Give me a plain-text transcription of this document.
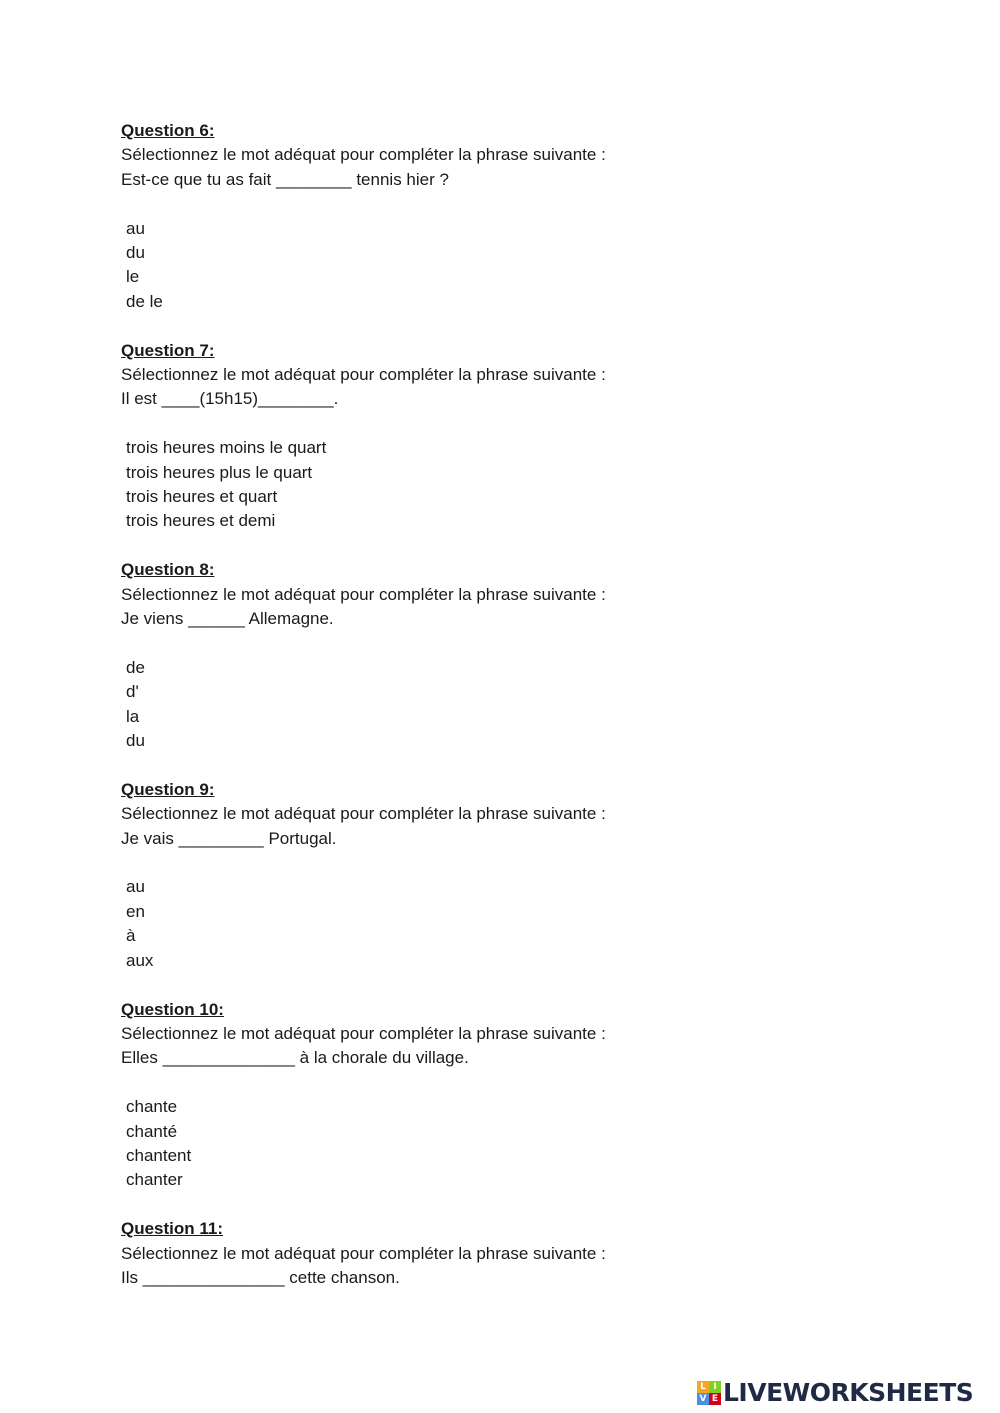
Question 6:
Sélectionnez le mot adéquat pour compléter la phrase suivante :
Est-ce que tu as fait ________ tennis hier ?
au
du
le
de le
Question 7:
Sélectionnez le mot adéquat pour compléter la phrase suivante :
Il est ____(15h15)________.
trois heures moins le quart
trois heures plus le quart
trois heures et quart
trois heures et demi
Question 8:
Sélectionnez le mot adéquat pour compléter la phrase suivante :
Je viens ______ Allemagne.
de
d'
la
du
Question 9:
Sélectionnez le mot adéquat pour compléter la phrase suivante :
Je vais _________ Portugal.
au
en
à
aux
Question 10:
Sélectionnez le mot adéquat pour compléter la phrase suivante :
Elles ______________ à la chorale du village.
chante
chanté
chantent
chanter
Question 11:
Sélectionnez le mot adéquat pour compléter la phrase suivante :
Ils _______________ cette chanson.
L I
V E LIVEWORKSHEETS
